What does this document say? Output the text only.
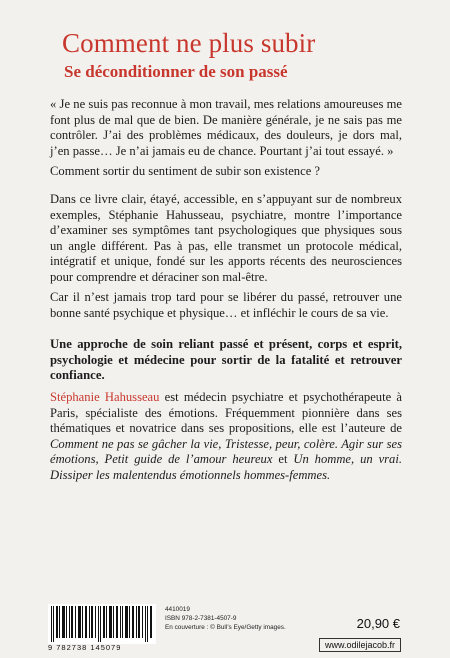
Comment ne plus subir
Se déconditionner de son passé

« Je ne suis pas reconnue à mon travail, mes relations amoureuses me font plus de mal que de bien. De manière générale, je ne sais pas me contrôler. J’ai des problèmes médicaux, des douleurs, je dors mal, j’en passe… Je n’ai jamais eu de chance. Pourtant j’ai tout essayé. »

Comment sortir du sentiment de subir son existence ?

Dans ce livre clair, étayé, accessible, en s’appuyant sur de nombreux exemples, Stéphanie Hahusseau, psychiatre, montre l’importance d’examiner ses symptômes tant psychologiques que physiques sous un angle différent. Pas à pas, elle transmet un protocole médical, intégratif et unique, fondé sur les apports récents des neurosciences pour comprendre et déraciner son mal-être.

Car il n’est jamais trop tard pour se libérer du passé, retrouver une bonne santé psychique et physique… et infléchir le cours de sa vie.

Une approche de soin reliant passé et présent, corps et esprit, psychologie et médecine pour sortir de la fatalité et retrouver confiance.

Stéphanie Hahusseau est médecin psychiatre et psychothérapeute à Paris, spécialiste des émotions. Fréquemment pionnière dans ses thématiques et novatrice dans ses propositions, elle est l’auteure de Comment ne pas se gâcher la vie, Tristesse, peur, colère. Agir sur ses émotions, Petit guide de l’amour heureux et Un homme, un vrai. Dissiper les malentendus émotionnels hommes-femmes.

9 782738 145079
4410019
ISBN 978-2-7381-4507-9
En couverture : © Bull’s Eye/Getty images.	20,90 €
www.odilejacob.fr
